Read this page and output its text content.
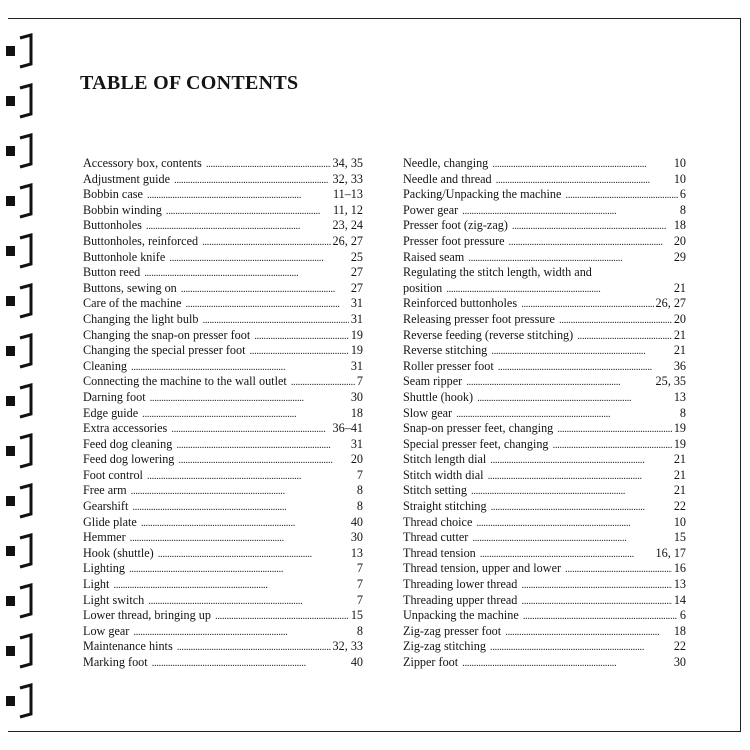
TABLE OF CONTENTS
Accessory box, contents . . .	34, 35
Adjustment guide . . .	32, 33
Bobbin case . . .	11–13
Bobbin winding . . .	11, 12
Buttonholes . . .	23, 24
Buttonholes, reinforced . . .	26, 27
Buttonhole knife . . .	25
Button reed . . .	27
Buttons, sewing on . . .	27
Care of the machine . . .	31
Changing the light bulb . . .	31
Changing the snap-on presser foot . . .	19
Changing the special presser foot . . .	19
Cleaning . . .	31
Connecting the machine to the wall outlet . . .	7
Darning foot . . .	30
Edge guide . . .	18
Extra accessories . . .	36–41
Feed dog cleaning . . .	31
Feed dog lowering . . .	20
Foot control . . .	7
Free arm . . .	8
Gearshift . . .	8
Glide plate . . .	40
Hemmer . . .	30
Hook (shuttle) . . .	13
Lighting . . .	7
Light . . .	7
Light switch . . .	7
Lower thread, bringing up . . .	15
Low gear . . .	8
Maintenance hints . . .	32, 33
Marking foot . . .	40
Needle, changing . . .	10
Needle and thread . . .	10
Packing/Unpacking the machine . . .	6
Power gear . . .	8
Presser foot (zig-zag) . . .	18
Presser foot pressure . . .	20
Raised seam . . .	29
Regulating the stitch length, width and
position . . .	21
Reinforced buttonholes . . .	26, 27
Releasing presser foot pressure . . .	20
Reverse feeding (reverse stitching) . . .	21
Reverse stitching . . .	21
Roller presser foot . . .	36
Seam ripper . . .	25, 35
Shuttle (hook) . . .	13
Slow gear . . .	8
Snap-on presser feet, changing . . .	19
Special presser feet, changing . . .	19
Stitch length dial . . .	21
Stitch width dial . . .	21
Stitch setting . . .	21
Straight stitching . . .	22
Thread choice . . .	10
Thread cutter . . .	15
Thread tension . . .	16, 17
Thread tension, upper and lower . . .	16
Threading lower thread . . .	13
Threading upper thread . . .	14
Unpacking the machine . . .	6
Zig-zag presser foot . . .	18
Zig-zag stitching . . .	22
Zipper foot . . .	30
